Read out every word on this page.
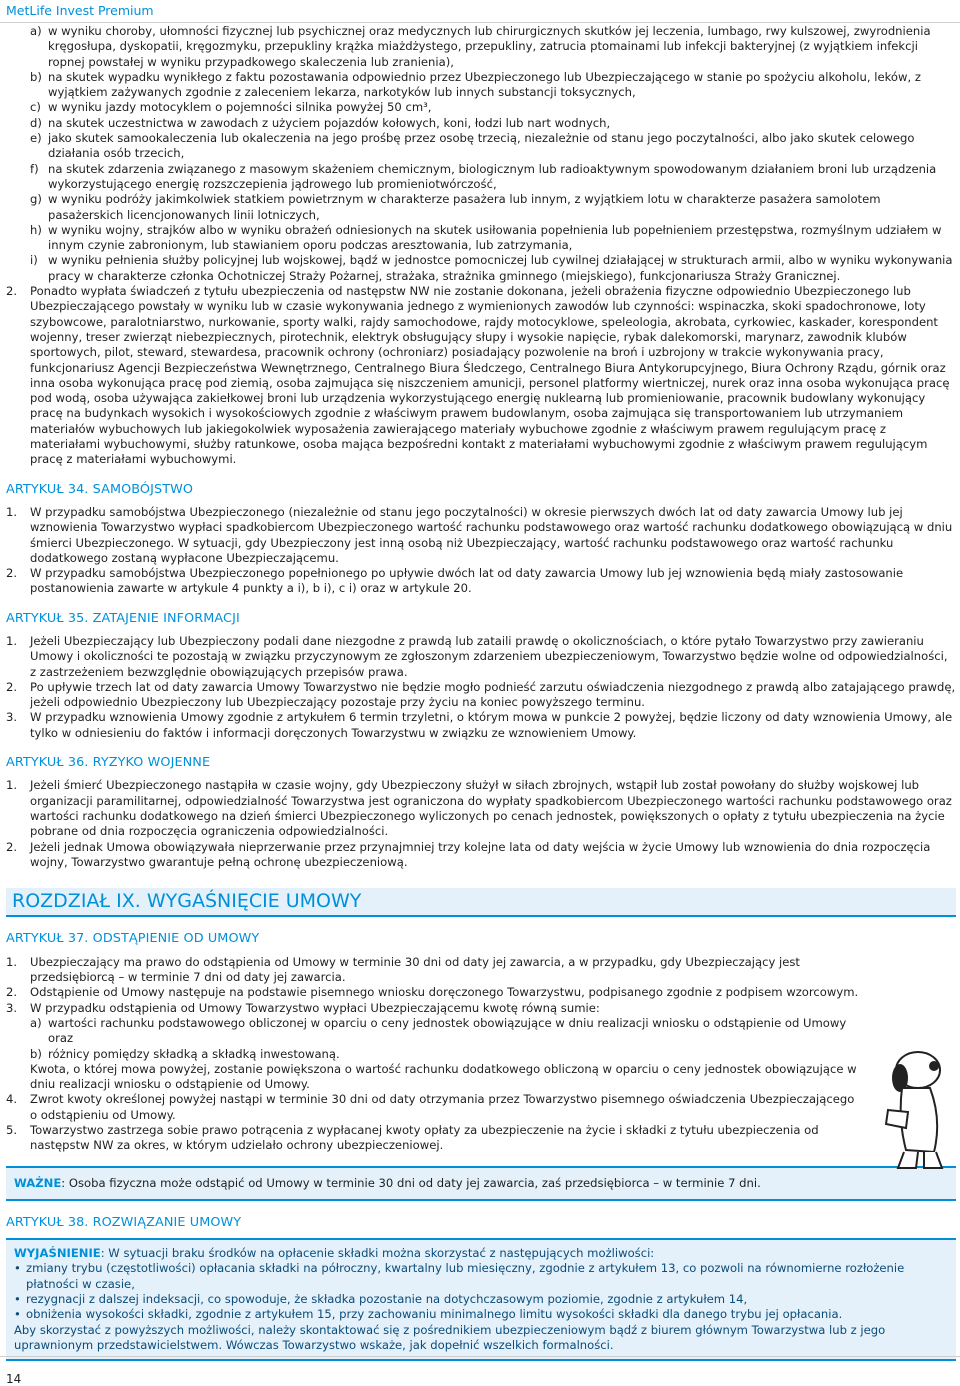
MetLife Invest Premium
a) w wyniku choroby, ułomności fizycznej lub psychicznej oraz medycznych lub chirurgicznych skutków jej leczenia, lumbago, rwy kulszowej, zwyrodnienia kręgosłupa, dyskopatii, kręgozmyku, przepukliny krążka miażdżystego, przepukliny, zatrucia ptomainami lub infekcji bakteryjnej (z wyjątkiem infekcji ropnej powstałej w wyniku przypadkowego skaleczenia lub zranienia),
b) na skutek wypadku wynikłego z faktu pozostawania odpowiednio przez Ubezpieczonego lub Ubezpieczającego w stanie po spożyciu alkoholu, leków, z wyjątkiem zażywanych zgodnie z zaleceniem lekarza, narkotyków lub innych substancji toksycznych,
c) w wyniku jazdy motocyklem o pojemności silnika powyżej 50 cm³,
d) na skutek uczestnictwa w zawodach z użyciem pojazdów kołowych, koni, łodzi lub nart wodnych,
e) jako skutek samookaleczenia lub okaleczenia na jego prośbę przez osobę trzecią, niezależnie od stanu jego poczytalności, albo jako skutek celowego działania osób trzecich,
f) na skutek zdarzenia związanego z masowym skażeniem chemicznym, biologicznym lub radioaktywnym spowodowanym działaniem broni lub urządzenia wykorzystującego energię rozszczepienia jądrowego lub promieniotwórczość,
g) w wyniku podróży jakimkolwiek statkiem powietrznym w charakterze pasażera lub innym, z wyjątkiem lotu w charakterze pasażera samolotem pasażerskich licencjonowanych linii lotniczych,
h) w wyniku wojny, strajków albo w wyniku obrażeń odniesionych na skutek usiłowania popełnienia lub popełnieniem przestępstwa, rozmyślnym udziałem w innym czynie zabronionym, lub stawianiem oporu podczas aresztowania, lub zatrzymania,
i) w wyniku pełnienia służby policyjnej lub wojskowej, bądź w jednostce pomocniczej lub cywilnej działającej w strukturach armii, albo w wyniku wykonywania pracy w charakterze członka Ochotniczej Straży Pożarnej, strażaka, strażnika gminnego (miejskiego), funkcjonariusza Straży Granicznej.
2.	Ponadto wypłata świadczeń z tytułu ubezpieczenia od następstw NW nie zostanie dokonana, jeżeli obrażenia fizyczne odpowiednio Ubezpieczonego lub Ubezpieczającego powstały w wyniku lub w czasie wykonywania jednego z wymienionych zawodów lub czynności: wspinaczka, skoki spadochronowe, loty szybowcowe, paralotniarstwo, nurkowanie, sporty walki, rajdy samochodowe, rajdy motocyklowe, speleologia, akrobata, cyrkowiec, kaskader, korespondent wojenny, treser zwierząt niebezpiecznych, pirotechnik, elektryk obsługujący słupy i wysokie napięcie, rybak dalekomorski, marynarz, zawodnik klubów sportowych, pilot, steward, stewardesa, pracownik ochrony (ochroniarz) posiadający pozwolenie na broń i uzbrojony w trakcie wykonywania pracy, funkcjonariusz Agencji Bezpieczeństwa Wewnętrznego, Centralnego Biura Śledczego, Centralnego Biura Antykorupcyjnego, Biura Ochrony Rządu, górnik oraz inna osoba wykonująca pracę pod ziemią, osoba zajmująca się niszczeniem amunicji, personel platformy wiertniczej, nurek oraz inna osoba wykonująca pracę pod wodą, osoba używająca zakiełkowej broni lub urządzenia wykorzystującego energię nuklearną lub promieniowanie, pracownik budowlany wykonujący pracę na budynkach wysokich i wysokościowych zgodnie z właściwym prawem budowlanym, osoba zajmująca się transportowaniem lub utrzymaniem materiałów wybuchowych lub jakiegokolwiek wyposażenia zawierającego materiały wybuchowe zgodnie z właściwym prawem regulującym pracę z materiałami wybuchowymi, służby ratunkowe, osoba mająca bezpośredni kontakt z materiałami wybuchowymi zgodnie z właściwym prawem regulującym pracę z materiałami wybuchowymi.
ARTYKUŁ 34. SAMOBÓJSTWO
1.	W przypadku samobójstwa Ubezpieczonego (niezależnie od stanu jego poczytalności) w okresie pierwszych dwóch lat od daty zawarcia Umowy lub jej wznowienia Towarzystwo wypłaci spadkobiercom Ubezpieczonego wartość rachunku podstawowego oraz wartość rachunku dodatkowego obowiązującą w dniu śmierci Ubezpieczonego. W sytuacji, gdy Ubezpieczony jest inną osobą niż Ubezpieczający, wartość rachunku podstawowego oraz wartość rachunku dodatkowego zostaną wypłacone Ubezpieczającemu.
2.	W przypadku samobójstwa Ubezpieczonego popełnionego po upływie dwóch lat od daty zawarcia Umowy lub jej wznowienia będą miały zastosowanie postanowienia zawarte w artykule 4 punkty a i), b i), c i) oraz w artykule 20.
ARTYKUŁ 35. ZATAJENIE INFORMACJI
1.	Jeżeli Ubezpieczający lub Ubezpieczony podali dane niezgodne z prawdą lub zataili prawdę o okolicznościach, o które pytało Towarzystwo przy zawieraniu Umowy i okoliczności te pozostają w związku przyczynowym ze zgłoszonym zdarzeniem ubezpieczeniowym, Towarzystwo będzie wolne od odpowiedzialności, z zastrzeżeniem bezwzględnie obowiązujących przepisów prawa.
2.	Po upływie trzech lat od daty zawarcia Umowy Towarzystwo nie będzie mogło podnieść zarzutu oświadczenia niezgodnego z prawdą albo zatajającego prawdę, jeżeli odpowiednio Ubezpieczony lub Ubezpieczający pozostaje przy życiu na koniec powyższego terminu.
3.	W przypadku wznowienia Umowy zgodnie z artykułem 6 termin trzyletni, o którym mowa w punkcie 2 powyżej, będzie liczony od daty wznowienia Umowy, ale tylko w odniesieniu do faktów i informacji doręczonych Towarzystwu w związku ze wznowieniem Umowy.
ARTYKUŁ 36. RYZYKO WOJENNE
1.	Jeżeli śmierć Ubezpieczonego nastąpiła w czasie wojny, gdy Ubezpieczony służył w siłach zbrojnych, wstąpił lub został powołany do służby wojskowej lub organizacji paramilitarnej, odpowiedzialność Towarzystwa jest ograniczona do wypłaty spadkobiercom Ubezpieczonego wartości rachunku podstawowego oraz wartości rachunku dodatkowego na dzień śmierci Ubezpieczonego wyliczonych po cenach jednostek, powiększonych o opłaty z tytułu ubezpieczenia na życie pobrane od dnia rozpoczęcia ograniczenia odpowiedzialności.
2.	Jeżeli jednak Umowa obowiązywała nieprzerwanie przez przynajmniej trzy kolejne lata od daty wejścia w życie Umowy lub wznowienia do dnia rozpoczęcia wojny, Towarzystwo gwarantuje pełną ochronę ubezpieczeniową.
ROZDZIAŁ IX. WYGAŚNIĘCIE UMOWY
ARTYKUŁ 37. ODSTĄPIENIE OD UMOWY
1.	Ubezpieczający ma prawo do odstąpienia od Umowy w terminie 30 dni od daty jej zawarcia, a w przypadku, gdy Ubezpieczający jest przedsiębiorcą – w terminie 7 dni od daty jej zawarcia.
2.	Odstąpienie od Umowy następuje na podstawie pisemnego wniosku doręczonego Towarzystwu, podpisanego zgodnie z podpisem wzorcowym.
3.	W przypadku odstąpienia od Umowy Towarzystwo wypłaci Ubezpieczającemu kwotę równą sumie:
a) wartości rachunku podstawowego obliczonej w oparciu o ceny jednostek obowiązujące w dniu realizacji wniosku o odstąpienie od Umowy oraz
b) różnicy pomiędzy składką a składką inwestowaną.
Kwota, o której mowa powyżej, zostanie powiększona o wartość rachunku dodatkowego obliczoną w oparciu o ceny jednostek obowiązujące w dniu realizacji wniosku o odstąpienie od Umowy.
4.	Zwrot kwoty określonej powyżej nastąpi w terminie 30 dni od daty otrzymania przez Towarzystwo pisemnego oświadczenia Ubezpieczającego o odstąpieniu od Umowy.
5.	Towarzystwo zastrzega sobie prawo potrącenia z wypłacanej kwoty opłaty za ubezpieczenie na życie i składki z tytułu ubezpieczenia od następstw NW za okres, w którym udzielało ochrony ubezpieczeniowej.
WAŻNE: Osoba fizyczna może odstąpić od Umowy w terminie 30 dni od daty jej zawarcia, zaś przedsiębiorca – w terminie 7 dni.
ARTYKUŁ 38. ROZWIĄZANIE UMOWY
WYJAŚNIENIE: W sytuacji braku środków na opłacenie składki można skorzystać z następujących możliwości:
• zmiany trybu (częstotliwości) opłacania składki na półroczny, kwartalny lub miesięczny, zgodnie z artykułem 13, co pozwoli na równomierne rozłożenie płatności w czasie,
• rezygnacji z dalszej indeksacji, co spowoduje, że składka pozostanie na dotychczasowym poziomie, zgodnie z artykułem 14,
• obniżenia wysokości składki, zgodnie z artykułem 15, przy zachowaniu minimalnego limitu wysokości składki dla danego trybu jej opłacania.
Aby skorzystać z powyższych możliwości, należy skontaktować się z pośrednikiem ubezpieczeniowym bądź z biurem głównym Towarzystwa lub z jego uprawnionym przedstawicielstwem. Wówczas Towarzystwo wskaże, jak dopełnić wszelkich formalności.
14
